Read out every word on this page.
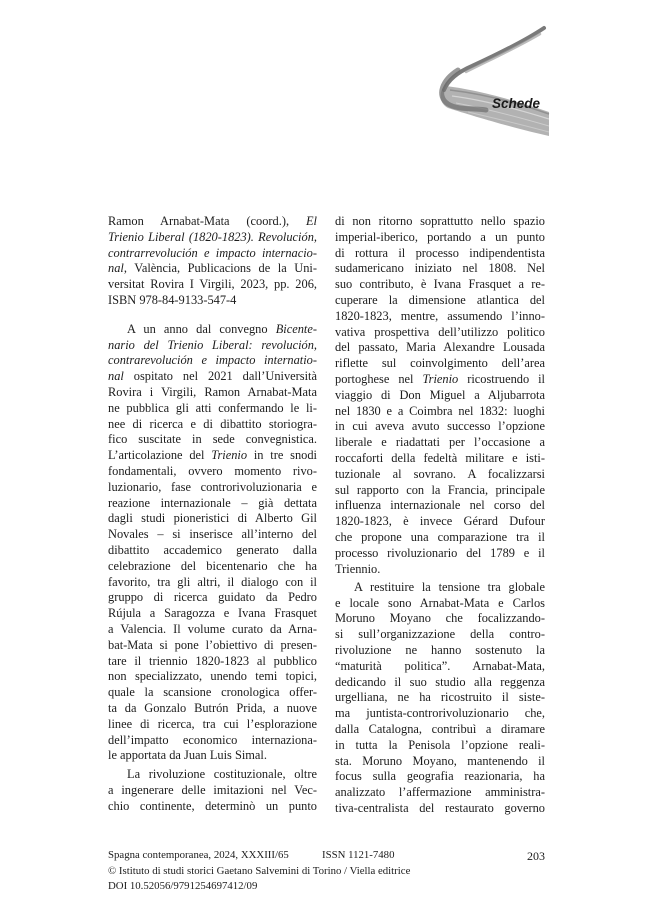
Schede
Ramon Arnabat-Mata (coord.), El
Trienio Liberal (1820-1823). Revolución,
contrarrevolución e impacto internacio-
nal, València, Publicacions de la Uni-
versitat Rovira I Virgili, 2023, pp. 206,
ISBN 978-84-9133-547-4
A un anno dal convegno Bicente-
nario del Trienio Liberal: revolución,
contrarevolución e impacto internatio-
nal ospitato nel 2021 dall’Università
Rovira i Virgili, Ramon Arnabat-Mata
ne pubblica gli atti confermando le li-
nee di ricerca e di dibattito storiogra-
fico suscitate in sede convegnistica.
L’articolazione del Trienio in tre snodi
fondamentali, ovvero momento rivo-
luzionario, fase controrivoluzionaria e
reazione internazionale – già dettata
dagli studi pioneristici di Alberto Gil
Novales – si inserisce all’interno del
dibattito accademico generato dalla
celebrazione del bicentenario che ha
favorito, tra gli altri, il dialogo con il
gruppo di ricerca guidato da Pedro
Rújula a Saragozza e Ivana Frasquet
a Valencia. Il volume curato da Arna-
bat-Mata si pone l’obiettivo di presen-
tare il triennio 1820-1823 al pubblico
non specializzato, unendo temi topici,
quale la scansione cronologica offer-
ta da Gonzalo Butrón Prida, a nuove
linee di ricerca, tra cui l’esplorazione
dell’impatto economico internaziona-
le apportata da Juan Luis Simal.
La rivoluzione costituzionale, oltre
a ingenerare delle imitazioni nel Vec-
chio continente, determinò un punto
di non ritorno soprattutto nello spazio
imperial-iberico, portando a un punto
di rottura il processo indipendentista
sudamericano iniziato nel 1808. Nel
suo contributo, è Ivana Frasquet a re-
cuperare la dimensione atlantica del
1820-1823, mentre, assumendo l’inno-
vativa prospettiva dell’utilizzo politico
del passato, Maria Alexandre Lousada
riflette sul coinvolgimento dell’area
portoghese nel Trienio ricostruendo il
viaggio di Don Miguel a Aljubarrota
nel 1830 e a Coimbra nel 1832: luoghi
in cui aveva avuto successo l’opzione
liberale e riadattati per l’occasione a
roccaforti della fedeltà militare e isti-
tuzionale al sovrano. A focalizzarsi
sul rapporto con la Francia, principale
influenza internazionale nel corso del
1820-1823, è invece Gérard Dufour
che propone una comparazione tra il
processo rivoluzionario del 1789 e il
Triennio.
A restituire la tensione tra globale
e locale sono Arnabat-Mata e Carlos
Moruno Moyano che focalizzando-
si sull’organizzazione della contro-
rivoluzione ne hanno sostenuto la
“maturità politica”. Arnabat-Mata,
dedicando il suo studio alla reggenza
urgelliana, ne ha ricostruito il siste-
ma juntista-controrivoluzionario che,
dalla Catalogna, contribuì a diramare
in tutta la Penisola l’opzione reali-
sta. Moruno Moyano, mantenendo il
focus sulla geografia reazionaria, ha
analizzato l’affermazione amministra-
tiva-centralista del restaurato governo
Spagna contemporanea, 2024, XXXIII/65	ISSN 1121-7480	203
© Istituto di studi storici Gaetano Salvemini di Torino / Viella editrice
DOI 10.52056/9791254697412/09
